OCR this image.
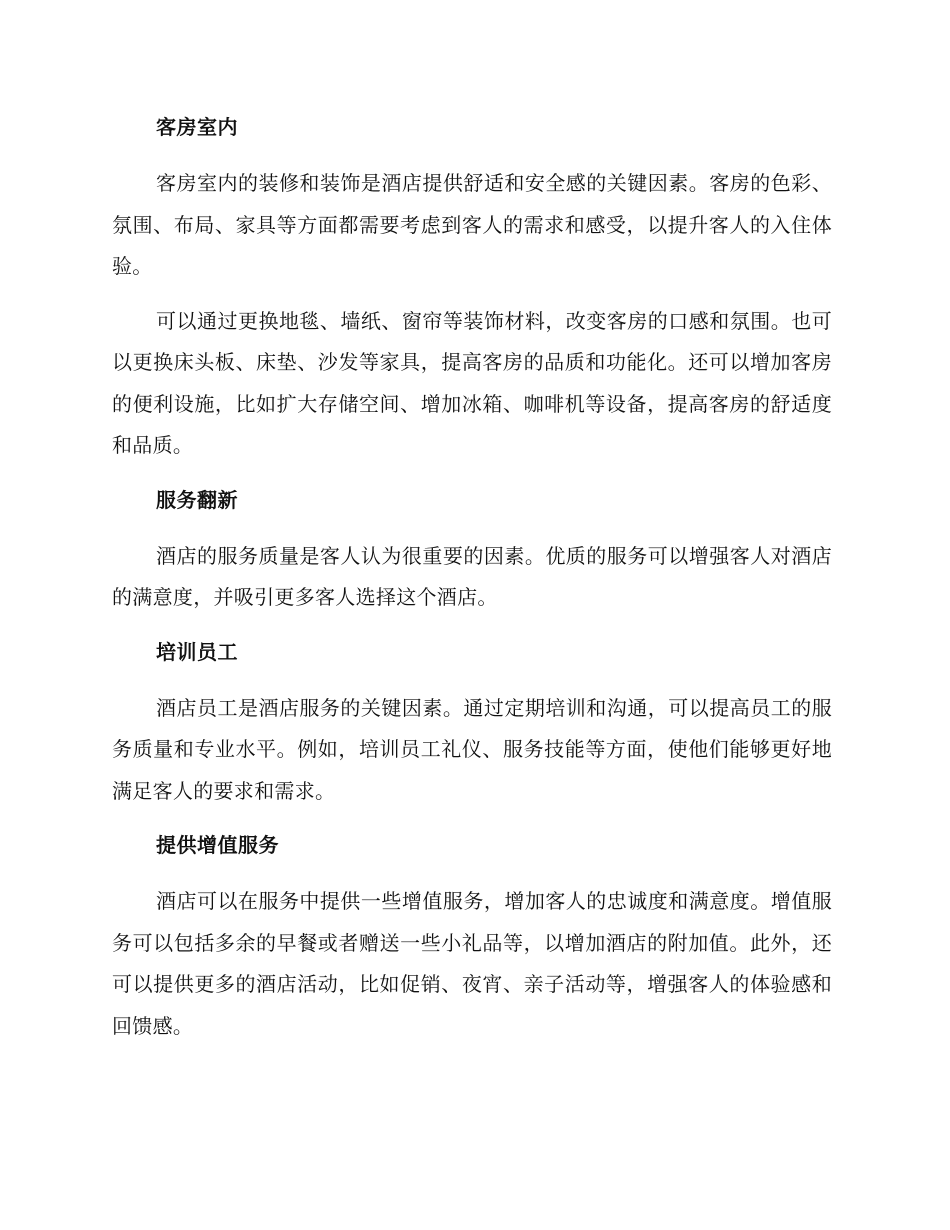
客房室内

客房室内的装修和装饰是酒店提供舒适和安全感的关键因素。客房的色彩、氛围、布局、家具等方面都需要考虑到客人的需求和感受，以提升客人的入住体验。

可以通过更换地毯、墙纸、窗帘等装饰材料，改变客房的口感和氛围。也可以更换床头板、床垫、沙发等家具，提高客房的品质和功能化。还可以增加客房的便利设施，比如扩大存储空间、增加冰箱、咖啡机等设备，提高客房的舒适度和品质。

服务翻新

酒店的服务质量是客人认为很重要的因素。优质的服务可以增强客人对酒店的满意度，并吸引更多客人选择这个酒店。

培训员工

酒店员工是酒店服务的关键因素。通过定期培训和沟通，可以提高员工的服务质量和专业水平。例如，培训员工礼仪、服务技能等方面，使他们能够更好地满足客人的要求和需求。

提供增值服务

酒店可以在服务中提供一些增值服务，增加客人的忠诚度和满意度。增值服务可以包括多余的早餐或者赠送一些小礼品等，以增加酒店的附加值。此外，还可以提供更多的酒店活动，比如促销、夜宵、亲子活动等，增强客人的体验感和回馈感。
